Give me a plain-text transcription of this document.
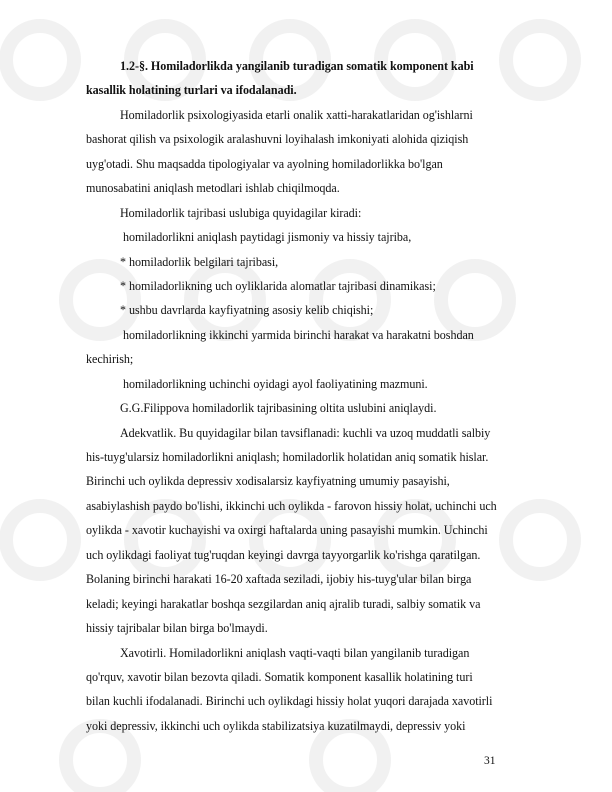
1.2-§. Homiladorlikda yangilanib turadigan somatik komponent kabi
kasallik holatining turlari va ifodalanadi.
Homiladorlik psixologiyasida etarli onalik xatti-harakatlaridan og'ishlarni
bashorat qilish va psixologik aralashuvni loyihalash imkoniyati alohida qiziqish
uyg'otadi. Shu maqsadda tipologiyalar va ayolning homiladorlikka bo'lgan
munosabatini aniqlash metodlari ishlab chiqilmoqda.
Homiladorlik tajribasi uslubiga quyidagilar kiradi:
homiladorlikni aniqlash paytidagi jismoniy va hissiy tajriba,
* homiladorlik belgilari tajribasi,
* homiladorlikning uch oyliklarida alomatlar tajribasi dinamikasi;
* ushbu davrlarda kayfiyatning asosiy kelib chiqishi;
homiladorlikning ikkinchi yarmida birinchi harakat va harakatni boshdan
kechirish;
homiladorlikning uchinchi oyidagi ayol faoliyatining mazmuni.
G.G.Filippova homiladorlik tajribasining oltita uslubini aniqlaydi.
Adekvatlik. Bu quyidagilar bilan tavsiflanadi: kuchli va uzoq muddatli salbiy
his-tuyg'ularsiz homiladorlikni aniqlash; homiladorlik holatidan aniq somatik hislar.
Birinchi uch oylikda depressiv xodisalarsiz kayfiyatning umumiy pasayishi,
asabiylashish paydo bo'lishi, ikkinchi uch oylikda - farovon hissiy holat, uchinchi uch
oylikda - xavotir kuchayishi va oxirgi haftalarda uning pasayishi mumkin. Uchinchi
uch oylikdagi faoliyat tug'ruqdan keyingi davrga tayyorgarlik ko'rishga qaratilgan.
Bolaning birinchi harakati 16-20 xaftada seziladi, ijobiy his-tuyg'ular bilan birga
keladi; keyingi harakatlar boshqa sezgilardan aniq ajralib turadi, salbiy somatik va
hissiy tajribalar bilan birga bo'lmaydi.
Xavotirli. Homiladorlikni aniqlash vaqti-vaqti bilan yangilanib turadigan
qo'rquv, xavotir bilan bezovta qiladi. Somatik komponent kasallik holatining turi
bilan kuchli ifodalanadi. Birinchi uch oylikdagi hissiy holat yuqori darajada xavotirli
yoki depressiv, ikkinchi uch oylikda stabilizatsiya kuzatilmaydi, depressiv yoki
31
